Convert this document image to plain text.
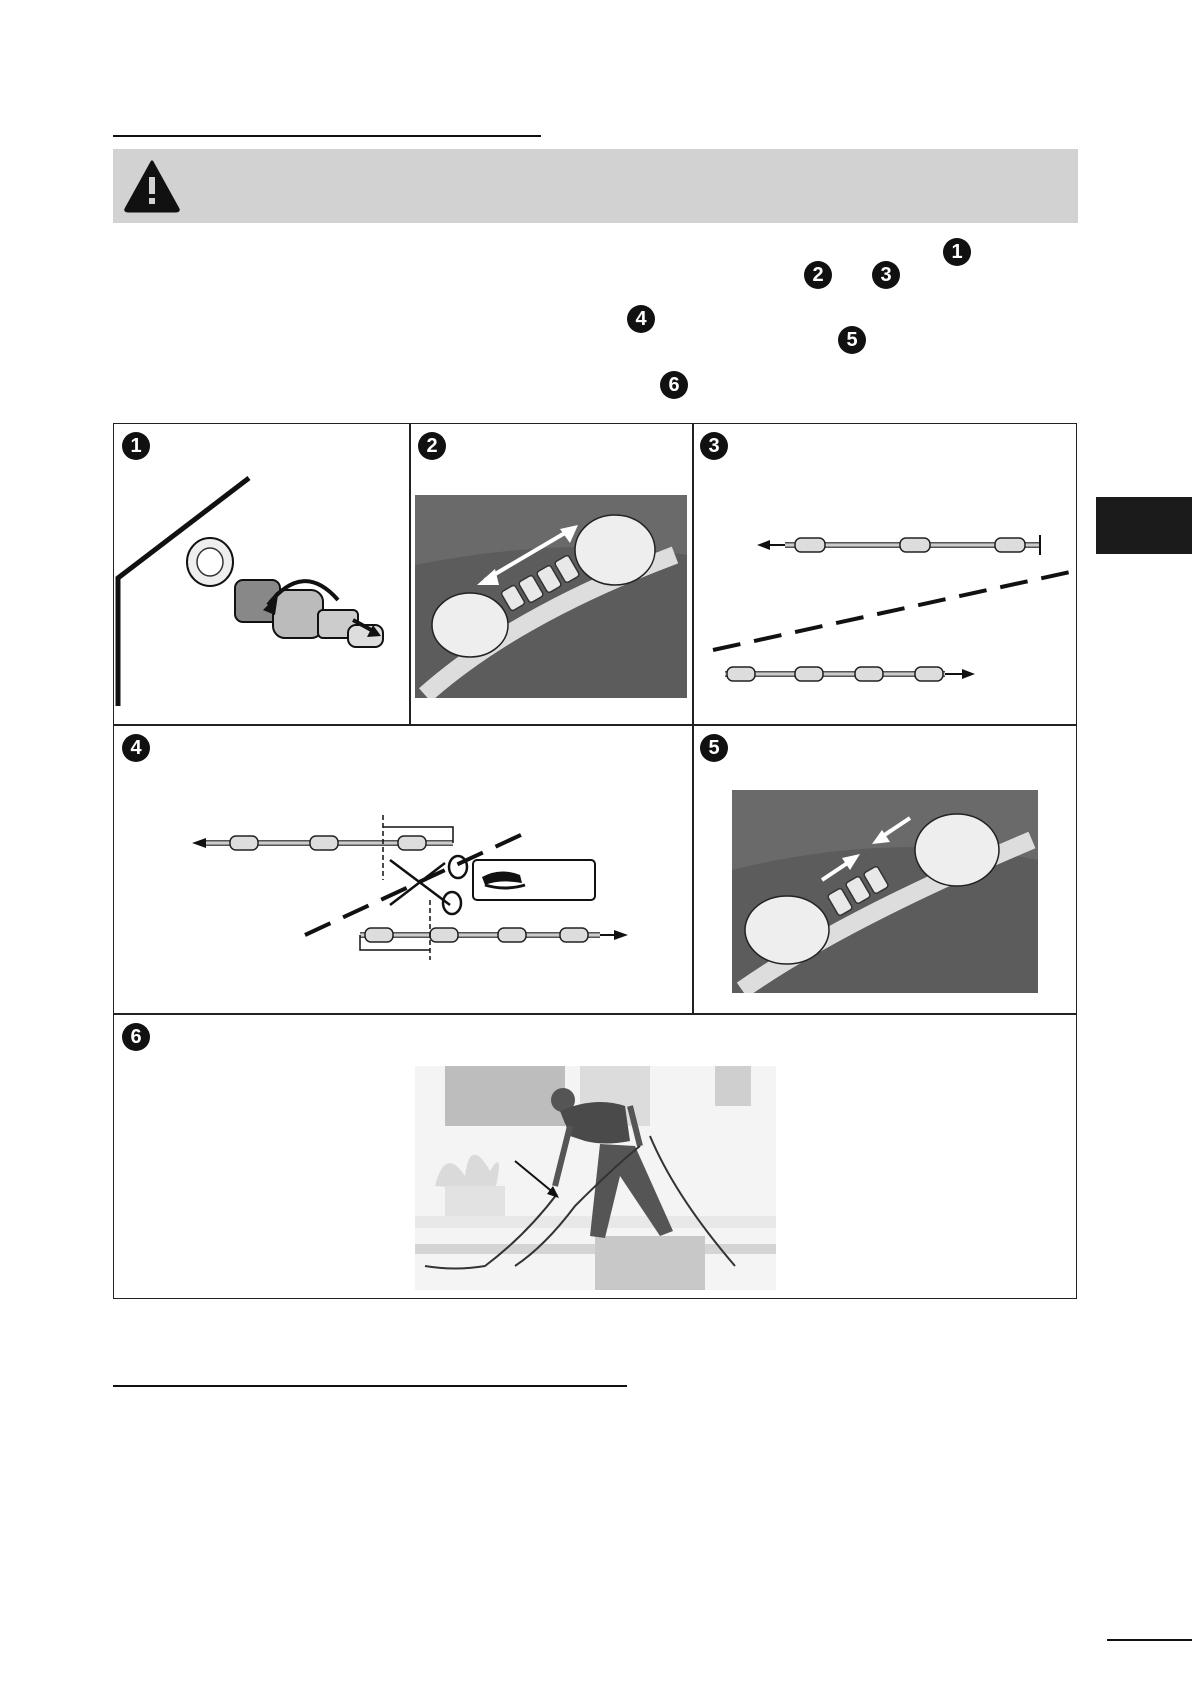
1
2	3
4
5
6
1	2	3
4	5
6
